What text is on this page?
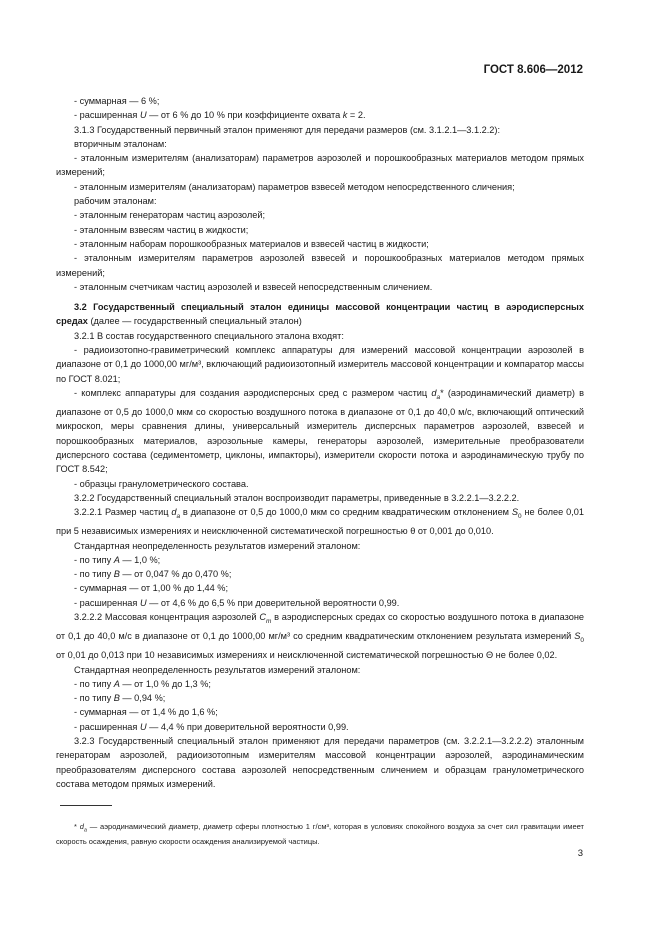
ГОСТ 8.606—2012

- суммарная — 6 %;

- расширенная U — от 6 % до 10 % при коэффициенте охвата k = 2.

3.1.3 Государственный первичный эталон применяют для передачи размеров (см. 3.1.2.1—3.1.2.2):

вторичным эталонам:

- эталонным измерителям (анализаторам) параметров аэрозолей и порошкообразных материалов методом прямых измерений;

- эталонным измерителям (анализаторам) параметров взвесей методом непосредственного сличения;

рабочим эталонам:

- эталонным генераторам частиц аэрозолей;

- эталонным взвесям частиц в жидкости;

- эталонным наборам порошкообразных материалов и взвесей частиц в жидкости;

- эталонным измерителям параметров аэрозолей взвесей и порошкообразных материалов методом прямых измерений;

- эталонным счетчикам частиц аэрозолей и взвесей непосредственным сличением.

3.2 Государственный специальный эталон единицы массовой концентрации частиц в аэродисперсных средах (далее — государственный специальный эталон)

3.2.1 В состав государственного специального эталона входят:

- радиоизотопно-гравиметрический комплекс аппаратуры для измерений массовой концентрации аэрозолей в диапазоне от 0,1 до 1000,00 мг/м³, включающий радиоизотопный измеритель массовой концентрации и компаратор массы по ГОСТ 8.021;

- комплекс аппаратуры для создания аэродисперсных сред с размером частиц $d_a*$ (аэродинамический диаметр) в диапазоне от 0,5 до 1000,0 мкм со скоростью воздушного потока в диапазоне от 0,1 до 40,0 м/с, включающий оптический микроскоп, меры сравнения длины, универсальный измеритель дисперсных параметров аэрозолей, взвесей и порошкообразных материалов, аэрозольные камеры, генераторы аэрозолей, измерительные преобразователи дисперсного состава (седиментометр, циклоны, импакторы), измерители скорости потока и аэродинамическую трубу по ГОСТ 8.542;

- образцы гранулометрического состава.

3.2.2 Государственный специальный эталон воспроизводит параметры, приведенные в 3.2.2.1—3.2.2.2.

3.2.2.1 Размер частиц $d_a$ в диапазоне от 0,5 до 1000,0 мкм со средним квадратическим отклонением $S_0$ не более 0,01 при 5 независимых измерениях и неисключенной систематической погрешностью θ от 0,001 до 0,010.

Стандартная неопределенность результатов измерений эталоном:

- по типу A — 1,0 %;

- по типу B — от 0,047 % до 0,470 %;

- суммарная — от 1,00 % до 1,44 %;

- расширенная U — от 4,6 % до 6,5 % при доверительной вероятности 0,99.

3.2.2.2 Массовая концентрация аэрозолей $C_m$ в аэродисперсных средах со скоростью воздушного потока в диапазоне от 0,1 до 40,0 м/с в диапазоне от 0,1 до 1000,00 мг/м³ со средним квадратическим отклонением результата измерений $S_0$ от 0,01 до 0,013 при 10 независимых измерениях и неисключенной систематической погрешностью Θ не более 0,02.

Стандартная неопределенность результатов измерений эталоном:

- по типу A — от 1,0 % до 1,3 %;

- по типу B — 0,94 %;

- суммарная — от 1,4 % до 1,6 %;

- расширенная U — 4,4 % при доверительной вероятности 0,99.

3.2.3 Государственный специальный эталон применяют для передачи параметров (см. 3.2.2.1—3.2.2.2) эталонным генераторам аэрозолей, радиоизотопным измерителям массовой концентрации аэрозолей, аэродинамическим преобразователям дисперсного состава аэрозолей непосредственным сличением и образцам гранулометрического состава методом прямых измерений.

* $d_a$ — аэродинамический диаметр, диаметр сферы плотностью 1 г/см³, которая в условиях спокойного воздуха за счет сил гравитации имеет скорость осаждения, равную скорости осаждения анализируемой частицы.

3
